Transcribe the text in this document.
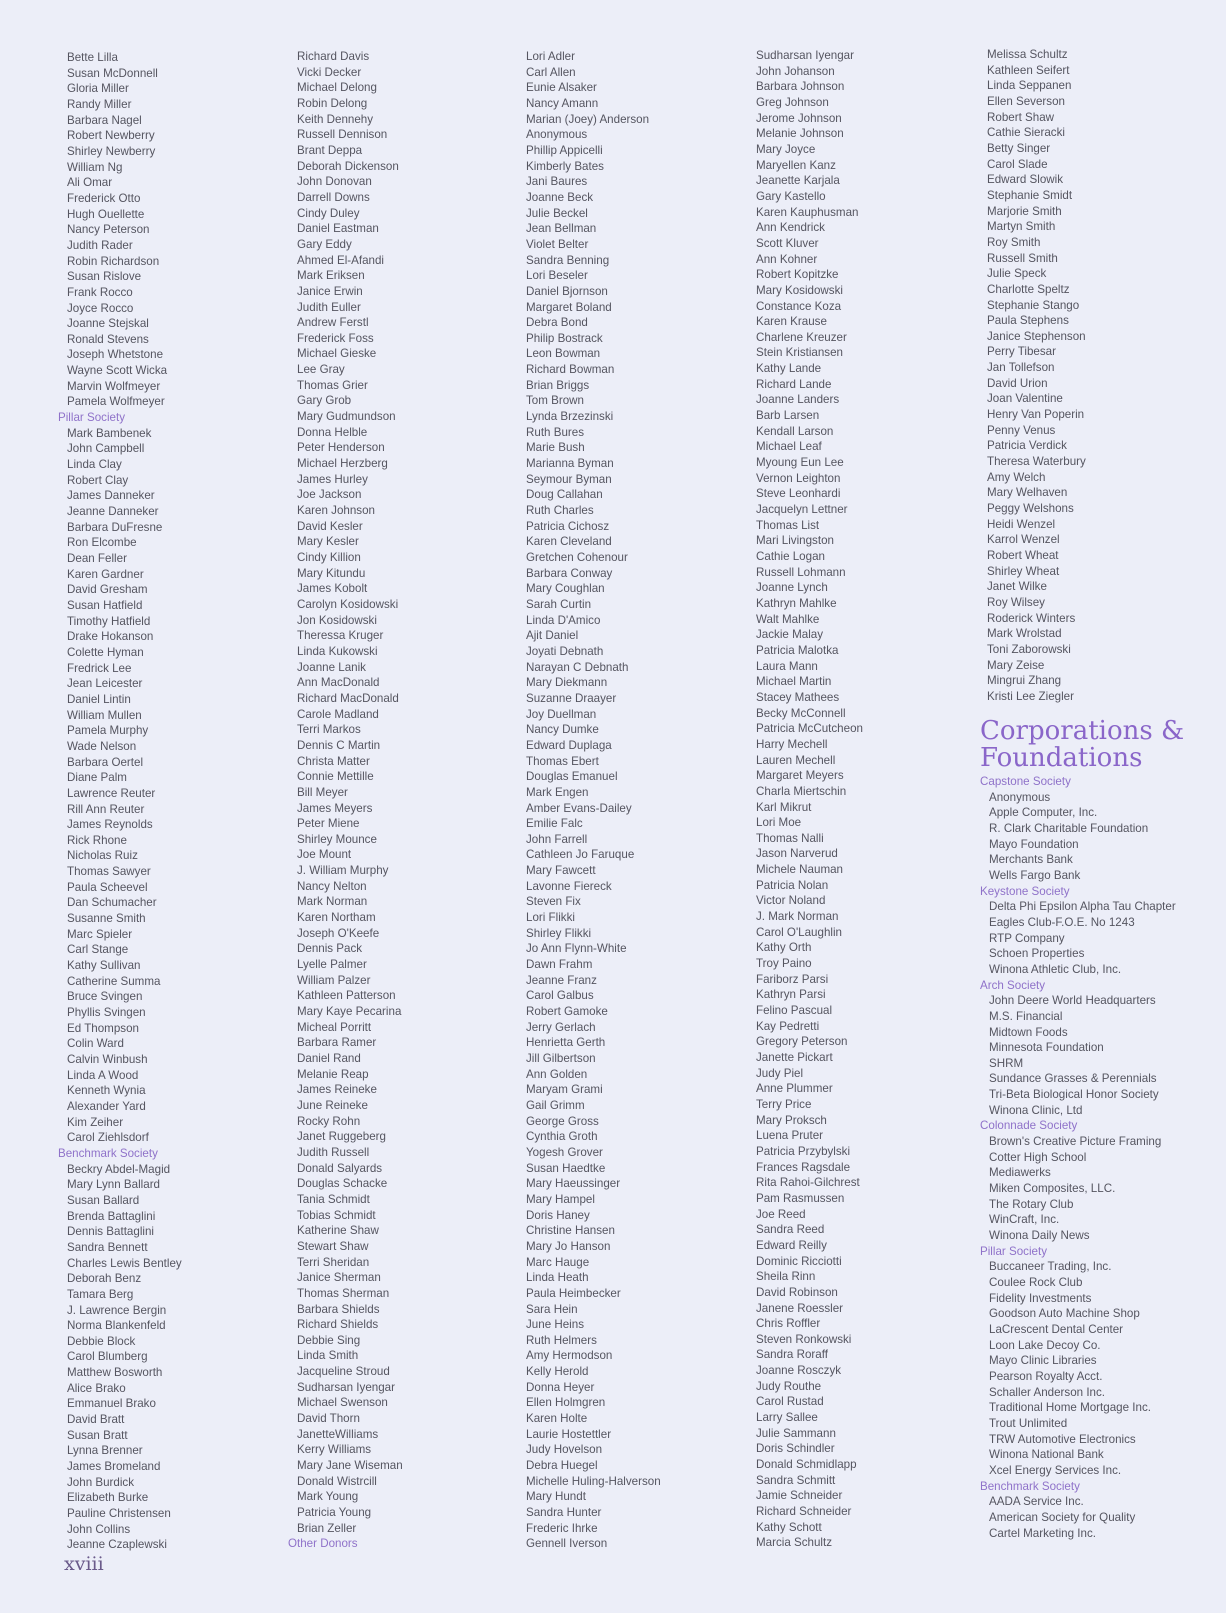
Bette Lilla
Susan McDonnell
Gloria Miller
Randy Miller
Barbara Nagel
Robert Newberry
Shirley Newberry
William Ng
Ali Omar
Frederick Otto
Hugh Ouellette
Nancy Peterson
Judith Rader
Robin Richardson
Susan Rislove
Frank Rocco
Joyce Rocco
Joanne Stejskal
Ronald Stevens
Joseph Whetstone
Wayne Scott Wicka
Marvin Wolfmeyer
Pamela Wolfmeyer
Pillar Society
Mark Bambenek
John Campbell
Linda Clay
Robert Clay
James Danneker
Jeanne Danneker
Barbara DuFresne
Ron Elcombe
Dean Feller
Karen Gardner
David Gresham
Susan Hatfield
Timothy Hatfield
Drake Hokanson
Colette Hyman
Fredrick Lee
Jean Leicester
Daniel Lintin
William Mullen
Pamela Murphy
Wade Nelson
Barbara Oertel
Diane Palm
Lawrence Reuter
Rill Ann Reuter
James Reynolds
Rick Rhone
Nicholas Ruiz
Thomas Sawyer
Paula Scheevel
Dan Schumacher
Susanne Smith
Marc Spieler
Carl Stange
Kathy Sullivan
Catherine Summa
Bruce Svingen
Phyllis Svingen
Ed Thompson
Colin Ward
Calvin Winbush
Linda A Wood
Kenneth Wynia
Alexander Yard
Kim Zeiher
Carol Ziehlsdorf
Benchmark Society
Beckry Abdel-Magid
Mary Lynn Ballard
Susan Ballard
Brenda Battaglini
Dennis Battaglini
Sandra Bennett
Charles Lewis Bentley
Deborah Benz
Tamara Berg
J. Lawrence Bergin
Norma Blankenfeld
Debbie Block
Carol Blumberg
Matthew Bosworth
Alice Brako
Emmanuel Brako
David Bratt
Susan Bratt
Lynna Brenner
James Bromeland
John Burdick
Elizabeth Burke
Pauline Christensen
John Collins
Jeanne Czaplewski
Richard Davis
Vicki Decker
Michael Delong
Robin Delong
Keith Dennehy
Russell Dennison
Brant Deppa
Deborah Dickenson
John Donovan
Darrell Downs
Cindy Duley
Daniel Eastman
Gary Eddy
Ahmed El-Afandi
Mark Eriksen
Janice Erwin
Judith Euller
Andrew Ferstl
Frederick Foss
Michael Gieske
Lee Gray
Thomas Grier
Gary Grob
Mary Gudmundson
Donna Helble
Peter Henderson
Michael Herzberg
James Hurley
Joe Jackson
Karen Johnson
David Kesler
Mary Kesler
Cindy Killion
Mary Kitundu
James Kobolt
Carolyn Kosidowski
Jon Kosidowski
Theressa Kruger
Linda Kukowski
Joanne Lanik
Ann MacDonald
Richard MacDonald
Carole Madland
Terri Markos
Dennis C Martin
Christa Matter
Connie Mettille
Bill Meyer
James Meyers
Peter Miene
Shirley Mounce
Joe Mount
J. William Murphy
Nancy Nelton
Mark Norman
Karen Northam
Joseph O'Keefe
Dennis Pack
Lyelle Palmer
William Palzer
Kathleen Patterson
Mary Kaye Pecarina
Micheal Porritt
Barbara Ramer
Daniel Rand
Melanie Reap
James Reineke
June Reineke
Rocky Rohn
Janet Ruggeberg
Judith Russell
Donald Salyards
Douglas Schacke
Tania Schmidt
Tobias Schmidt
Katherine Shaw
Stewart Shaw
Terri Sheridan
Janice Sherman
Thomas Sherman
Barbara Shields
Richard Shields
Debbie Sing
Linda Smith
Jacqueline Stroud
Sudharsan Iyengar
Michael Swenson
David Thorn
JanetteWilliams
Kerry Williams
Mary Jane Wiseman
Donald Wistrcill
Mark Young
Patricia Young
Brian Zeller
Other Donors
Lori Adler
Carl Allen
Eunie Alsaker
Nancy Amann
Marian (Joey) Anderson
Anonymous
Phillip Appicelli
Kimberly Bates
Jani Baures
Joanne Beck
Julie Beckel
Jean Bellman
Violet Belter
Sandra Benning
Lori Beseler
Daniel Bjornson
Margaret Boland
Debra Bond
Philip Bostrack
Leon Bowman
Richard Bowman
Brian Briggs
Tom Brown
Lynda Brzezinski
Ruth Bures
Marie Bush
Marianna Byman
Seymour Byman
Doug Callahan
Ruth Charles
Patricia Cichosz
Karen Cleveland
Gretchen Cohenour
Barbara Conway
Mary Coughlan
Sarah Curtin
Linda D'Amico
Ajit Daniel
Joyati Debnath
Narayan C Debnath
Mary Diekmann
Suzanne Draayer
Joy Duellman
Nancy Dumke
Edward Duplaga
Thomas Ebert
Douglas Emanuel
Mark Engen
Amber Evans-Dailey
Emilie Falc
John Farrell
Cathleen Jo Faruque
Mary Fawcett
Lavonne Fiereck
Steven Fix
Lori Flikki
Shirley Flikki
Jo Ann Flynn-White
Dawn Frahm
Jeanne Franz
Carol Galbus
Robert Gamoke
Jerry Gerlach
Henrietta Gerth
Jill Gilbertson
Ann Golden
Maryam Grami
Gail Grimm
George Gross
Cynthia Groth
Yogesh Grover
Susan Haedtke
Mary Haeussinger
Mary Hampel
Doris Haney
Christine Hansen
Mary Jo Hanson
Marc Hauge
Linda Heath
Paula Heimbecker
Sara Hein
June Heins
Ruth Helmers
Amy Hermodson
Kelly Herold
Donna Heyer
Ellen Holmgren
Karen Holte
Laurie Hostettler
Judy Hovelson
Debra Huegel
Michelle Huling-Halverson
Mary Hundt
Sandra Hunter
Frederic Ihrke
Gennell Iverson
Sudharsan Iyengar
John Johanson
Barbara Johnson
Greg Johnson
Jerome Johnson
Melanie Johnson
Mary Joyce
Maryellen Kanz
Jeanette Karjala
Gary Kastello
Karen Kauphusman
Ann Kendrick
Scott Kluver
Ann Kohner
Robert Kopitzke
Mary Kosidowski
Constance Koza
Karen Krause
Charlene Kreuzer
Stein Kristiansen
Kathy Lande
Richard Lande
Joanne Landers
Barb Larsen
Kendall Larson
Michael Leaf
Myoung Eun Lee
Vernon Leighton
Steve Leonhardi
Jacquelyn Lettner
Thomas List
Mari Livingston
Cathie Logan
Russell Lohmann
Joanne Lynch
Kathryn Mahlke
Walt Mahlke
Jackie Malay
Patricia Malotka
Laura Mann
Michael Martin
Stacey Mathees
Becky McConnell
Patricia McCutcheon
Harry Mechell
Lauren Mechell
Margaret Meyers
Charla Miertschin
Karl Mikrut
Lori Moe
Thomas Nalli
Jason Narverud
Michele Nauman
Patricia Nolan
Victor Noland
J. Mark Norman
Carol O'Laughlin
Kathy Orth
Troy Paino
Fariborz Parsi
Kathryn Parsi
Felino Pascual
Kay Pedretti
Gregory Peterson
Janette Pickart
Judy Piel
Anne Plummer
Terry Price
Mary Proksch
Luena Pruter
Patricia Przybylski
Frances Ragsdale
Rita Rahoi-Gilchrest
Pam Rasmussen
Joe Reed
Sandra Reed
Edward Reilly
Dominic Ricciotti
Sheila Rinn
David Robinson
Janene Roessler
Chris Roffler
Steven Ronkowski
Sandra Roraff
Joanne Rosczyk
Judy Routhe
Carol Rustad
Larry Sallee
Julie Sammann
Doris Schindler
Donald Schmidlapp
Sandra Schmitt
Jamie Schneider
Richard Schneider
Kathy Schott
Marcia Schultz
Melissa Schultz
Kathleen Seifert
Linda Seppanen
Ellen Severson
Robert Shaw
Cathie Sieracki
Betty Singer
Carol Slade
Edward Slowik
Stephanie Smidt
Marjorie Smith
Martyn Smith
Roy Smith
Russell Smith
Julie Speck
Charlotte Speltz
Stephanie Stango
Paula Stephens
Janice Stephenson
Perry Tibesar
Jan Tollefson
David Urion
Joan Valentine
Henry Van Poperin
Penny Venus
Patricia Verdick
Theresa Waterbury
Amy Welch
Mary Welhaven
Peggy Welshons
Heidi Wenzel
Karrol Wenzel
Robert Wheat
Shirley Wheat
Janet Wilke
Roy Wilsey
Roderick Winters
Mark Wrolstad
Toni Zaborowski
Mary Zeise
Mingrui Zhang
Kristi Lee Ziegler
Corporations &
Foundations
Capstone Society
Anonymous
Apple Computer, Inc.
R. Clark Charitable Foundation
Mayo Foundation
Merchants Bank
Wells Fargo Bank
Keystone Society
Delta Phi Epsilon Alpha Tau Chapter
Eagles Club-F.O.E. No 1243
RTP Company
Schoen Properties
Winona Athletic Club, Inc.
Arch Society
John Deere World Headquarters
M.S. Financial
Midtown Foods
Minnesota Foundation
SHRM
Sundance Grasses & Perennials
Tri-Beta Biological Honor Society
Winona Clinic, Ltd
Colonnade Society
Brown's Creative Picture Framing
Cotter High School
Mediawerks
Miken Composites, LLC.
The Rotary Club
WinCraft, Inc.
Winona Daily News
Pillar Society
Buccaneer Trading, Inc.
Coulee Rock Club
Fidelity Investments
Goodson Auto Machine Shop
LaCrescent Dental Center
Loon Lake Decoy Co.
Mayo Clinic Libraries
Pearson Royalty Acct.
Schaller Anderson Inc.
Traditional Home Mortgage Inc.
Trout Unlimited
TRW Automotive Electronics
Winona National Bank
Xcel Energy Services Inc.
Benchmark Society
AADA Service Inc.
American Society for Quality
Cartel Marketing Inc.
xviii
